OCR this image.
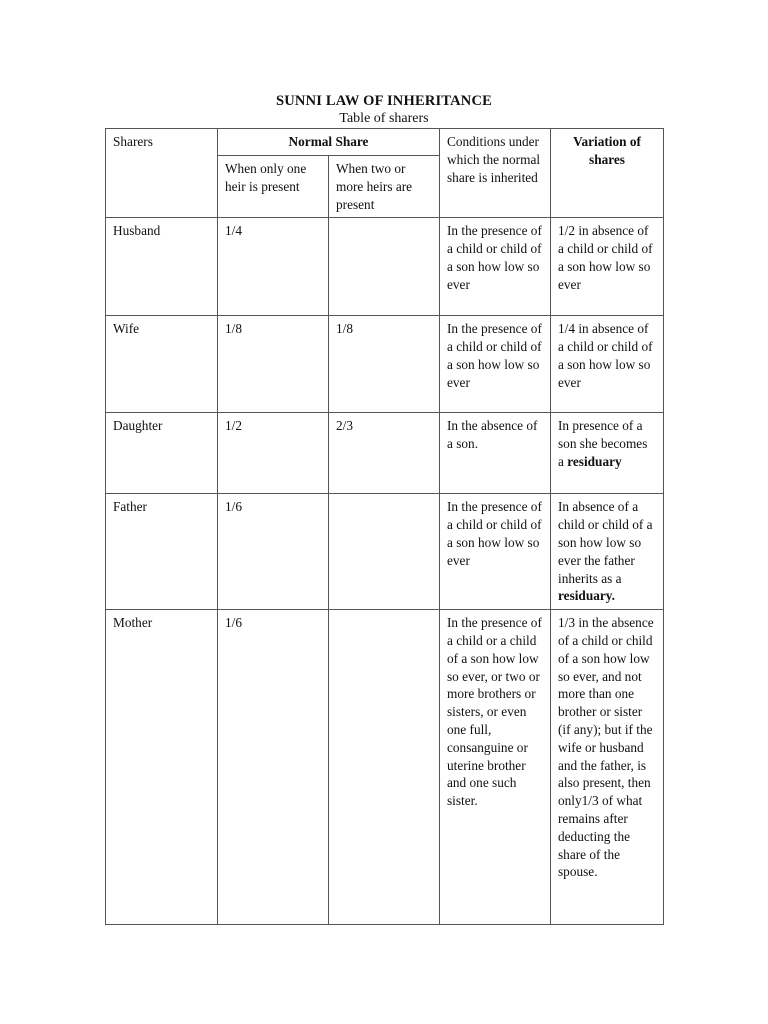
SUNNI LAW OF INHERITANCE
Table of sharers
Sharers	Normal Share		Conditions under which the normal share is inherited	Variation of shares
	When only one heir is present	When two or more heirs are present		
Husband	1/4		In the presence of a child or child of a son how low so ever	1/2 in absence of a child or child of a son how low so ever
Wife	1/8	1/8	In the presence of a child or child of a son how low so ever	1/4 in absence of a child or child of a son how low so ever
Daughter	1/2	2/3	In the absence of a son.	In presence of a son she becomes a residuary
Father	1/6		In the presence of a child or child of a son how low so ever	In absence of a child or child of a son how low so ever the father inherits as a residuary.
Mother	1/6		In the presence of a child or a child of a son how low so ever, or two or more brothers or sisters, or even one full, consanguine or uterine brother and one such sister.	1/3 in the absence of a child or child of a son how low so ever, and not more than one brother or sister (if any); but if the wife or husband and the father, is also present, then only1/3 of what remains after deducting the share of the spouse.
